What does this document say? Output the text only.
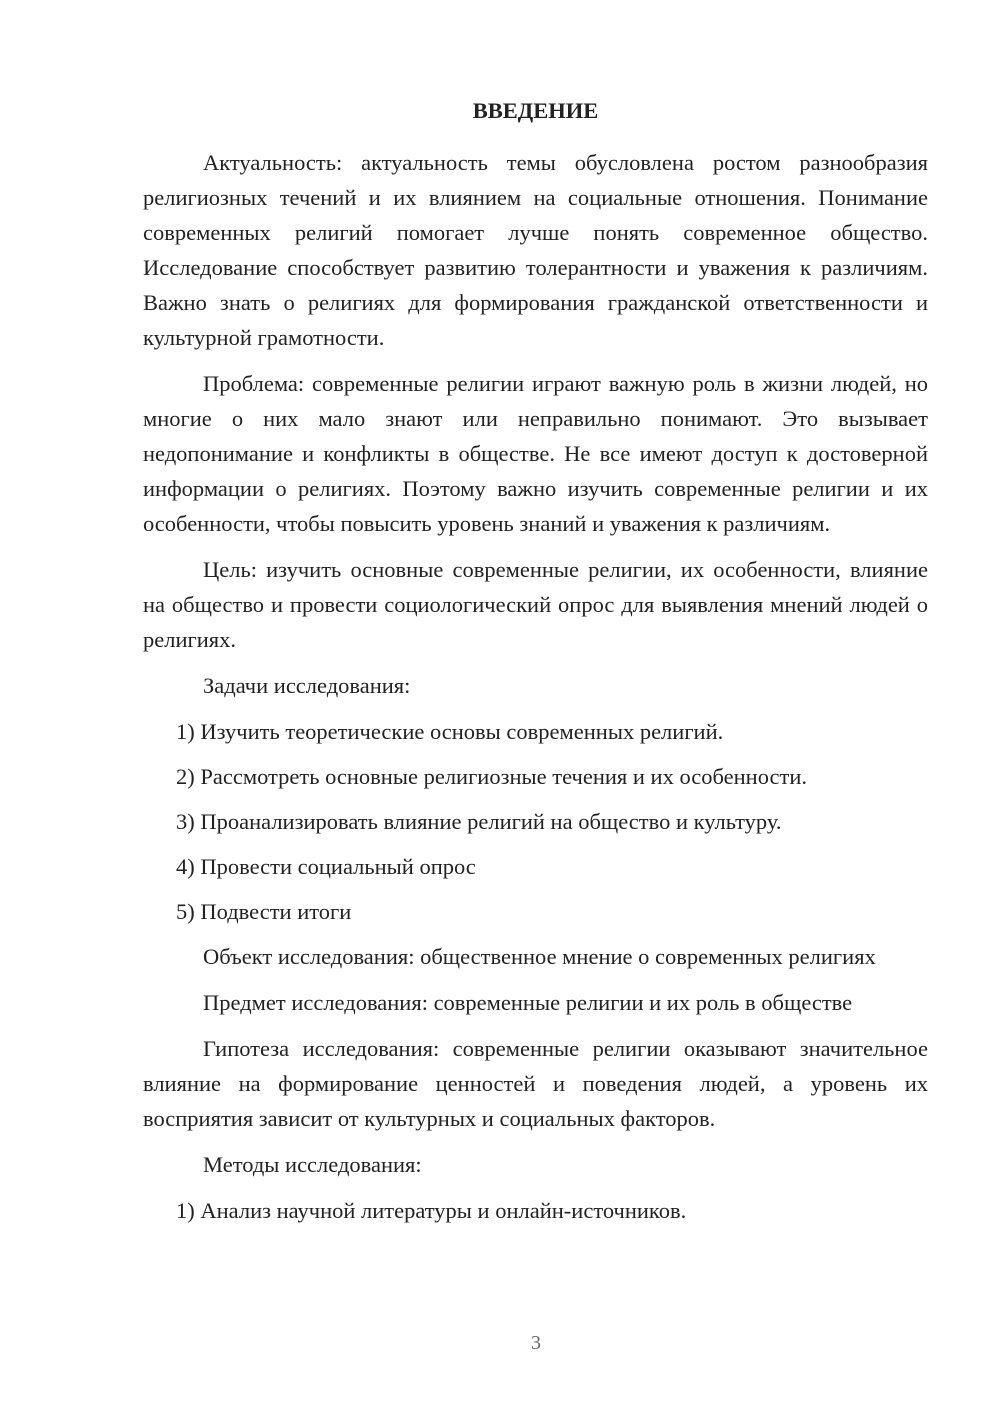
ВВЕДЕНИЕ

Актуальность: актуальность темы обусловлена ростом разнообразия религиозных течений и их влиянием на социальные отношения. Понимание современных религий помогает лучше понять современное общество. Исследование способствует развитию толерантности и уважения к различиям. Важно знать о религиях для формирования гражданской ответственности и культурной грамотности.

Проблема: современные религии играют важную роль в жизни людей, но многие о них мало знают или неправильно понимают. Это вызывает недопонимание и конфликты в обществе. Не все имеют доступ к достоверной информации о религиях. Поэтому важно изучить современные религии и их особенности, чтобы повысить уровень знаний и уважения к различиям.

Цель: изучить основные современные религии, их особенности, влияние на общество и провести социологический опрос для выявления мнений людей о религиях.

Задачи исследования:

1) Изучить теоретические основы современных религий.
2) Рассмотреть основные религиозные течения и их особенности.
3) Проанализировать влияние религий на общество и культуру.
4) Провести социальный опрос
5) Подвести итоги

Объект исследования: общественное мнение о современных религиях

Предмет исследования: современные религии и их роль в обществе

Гипотеза исследования: современные религии оказывают значительное влияние на формирование ценностей и поведения людей, а уровень их восприятия зависит от культурных и социальных факторов.

Методы исследования:

1) Анализ научной литературы и онлайн-источников.
3
